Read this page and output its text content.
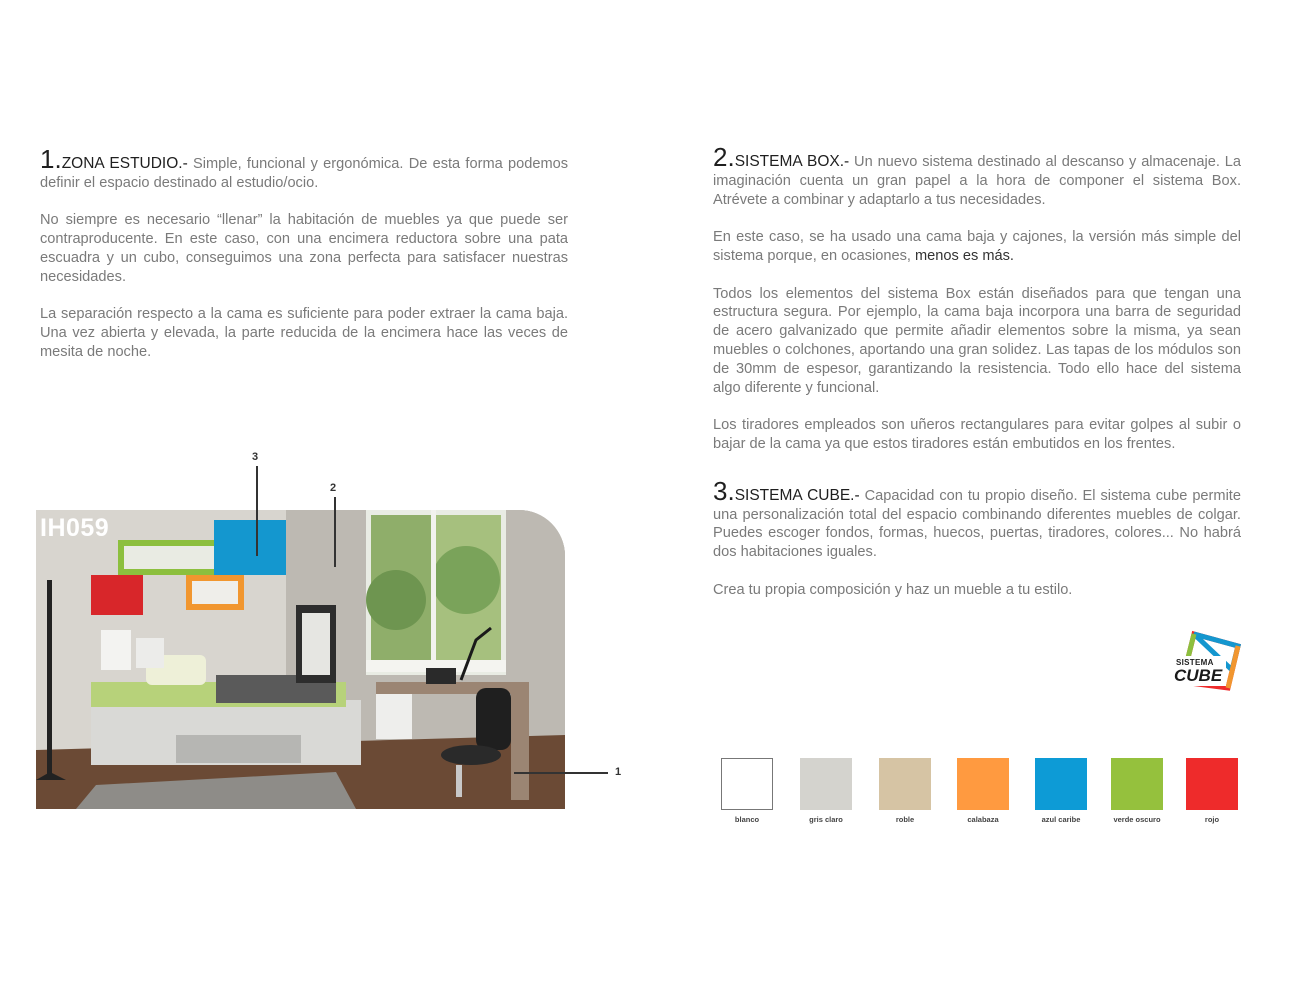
1.ZONA ESTUDIO.- Simple, funcional y ergonómica. De esta forma podemos definir el espacio destinado al estudio/ocio.

No siempre es necesario “llenar” la habitación de muebles ya que puede ser contraproducente. En este caso, con una encimera reductora sobre una pata escuadra y un cubo, conseguimos una zona perfecta para satisfacer nuestras necesidades.

La separación respecto a la cama es suficiente para poder extraer la cama baja. Una vez abierta y elevada, la parte reducida de la encimera hace las veces de mesita de noche.

2.SISTEMA BOX.- Un nuevo sistema destinado al descanso y almacenaje. La imaginación cuenta un gran papel a la hora de componer el sistema Box. Atrévete a combinar y adaptarlo a tus necesidades.

En este caso, se ha usado una cama baja y cajones, la versión más simple del sistema porque, en ocasiones, menos es más.

Todos los elementos del sistema Box están diseñados para que tengan una estructura segura. Por ejemplo, la cama baja incorpora una barra de seguridad de acero galvanizado que permite añadir elementos sobre la misma, ya sean muebles o colchones, aportando una gran solidez. Las tapas de los módulos son de 30mm de espesor, garantizando la resistencia. Todo ello hace del sistema algo diferente y funcional.

Los tiradores empleados son uñeros rectangulares para evitar golpes al subir o bajar de la cama ya que estos tiradores están embutidos en los frentes.

3.SISTEMA CUBE.- Capacidad con tu propio diseño. El sistema cube permite una personalización total del espacio combinando diferentes muebles de colgar. Puedes escoger fondos, formas, huecos, puertas, tiradores, colores... No habrá dos habitaciones iguales.

Crea tu propia composición y haz un mueble a tu estilo.

IH059
3
2
1
SISTEMA
CUBE
blanco	gris claro	roble	calabaza	azul caribe	verde oscuro	rojo
